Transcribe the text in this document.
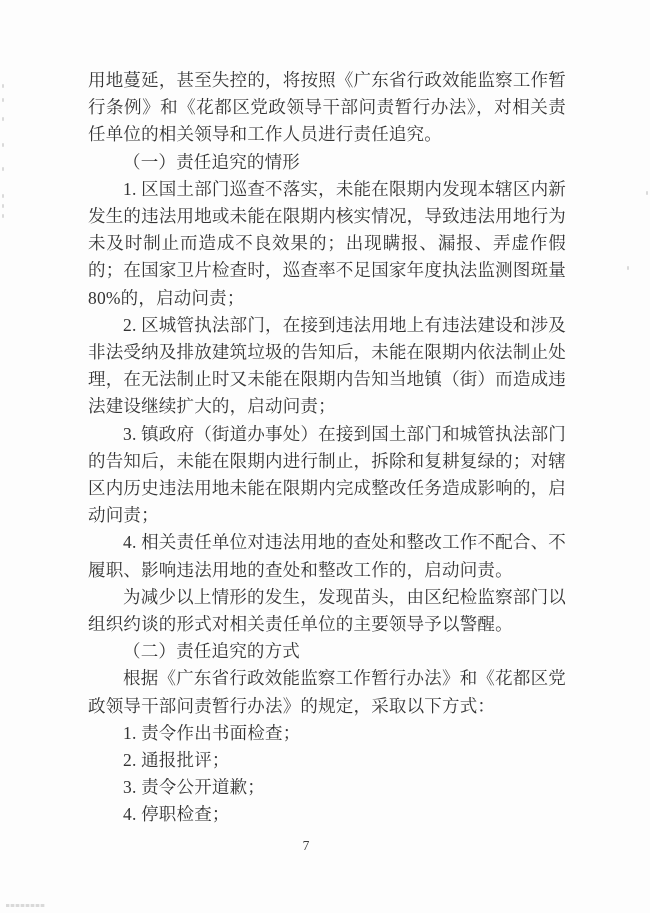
用地蔓延，甚至失控的，将按照《广东省行政效能监察工作暂行条例》和《花都区党政领导干部问责暂行办法》，对相关责任单位的相关领导和工作人员进行责任追究。

（一）责任追究的情形

1. 区国土部门巡查不落实，未能在限期内发现本辖区内新发生的违法用地或未能在限期内核实情况，导致违法用地行为未及时制止而造成不良效果的；出现瞒报、漏报、弄虚作假的；在国家卫片检查时，巡查率不足国家年度执法监测图斑量 80%的，启动问责；

2. 区城管执法部门，在接到违法用地上有违法建设和涉及非法受纳及排放建筑垃圾的告知后，未能在限期内依法制止处理，在无法制止时又未能在限期内告知当地镇（街）而造成违法建设继续扩大的，启动问责；

3. 镇政府（街道办事处）在接到国土部门和城管执法部门的告知后，未能在限期内进行制止，拆除和复耕复绿的；对辖区内历史违法用地未能在限期内完成整改任务造成影响的，启动问责；

4. 相关责任单位对违法用地的查处和整改工作不配合、不履职、影响违法用地的查处和整改工作的，启动问责。

为减少以上情形的发生，发现苗头，由区纪检监察部门以组织约谈的形式对相关责任单位的主要领导予以警醒。

（二）责任追究的方式

根据《广东省行政效能监察工作暂行办法》和《花都区党政领导干部问责暂行办法》的规定，采取以下方式：

1. 责令作出书面检查；

2. 通报批评；

3. 责令公开道歉；

4. 停职检查；

7
